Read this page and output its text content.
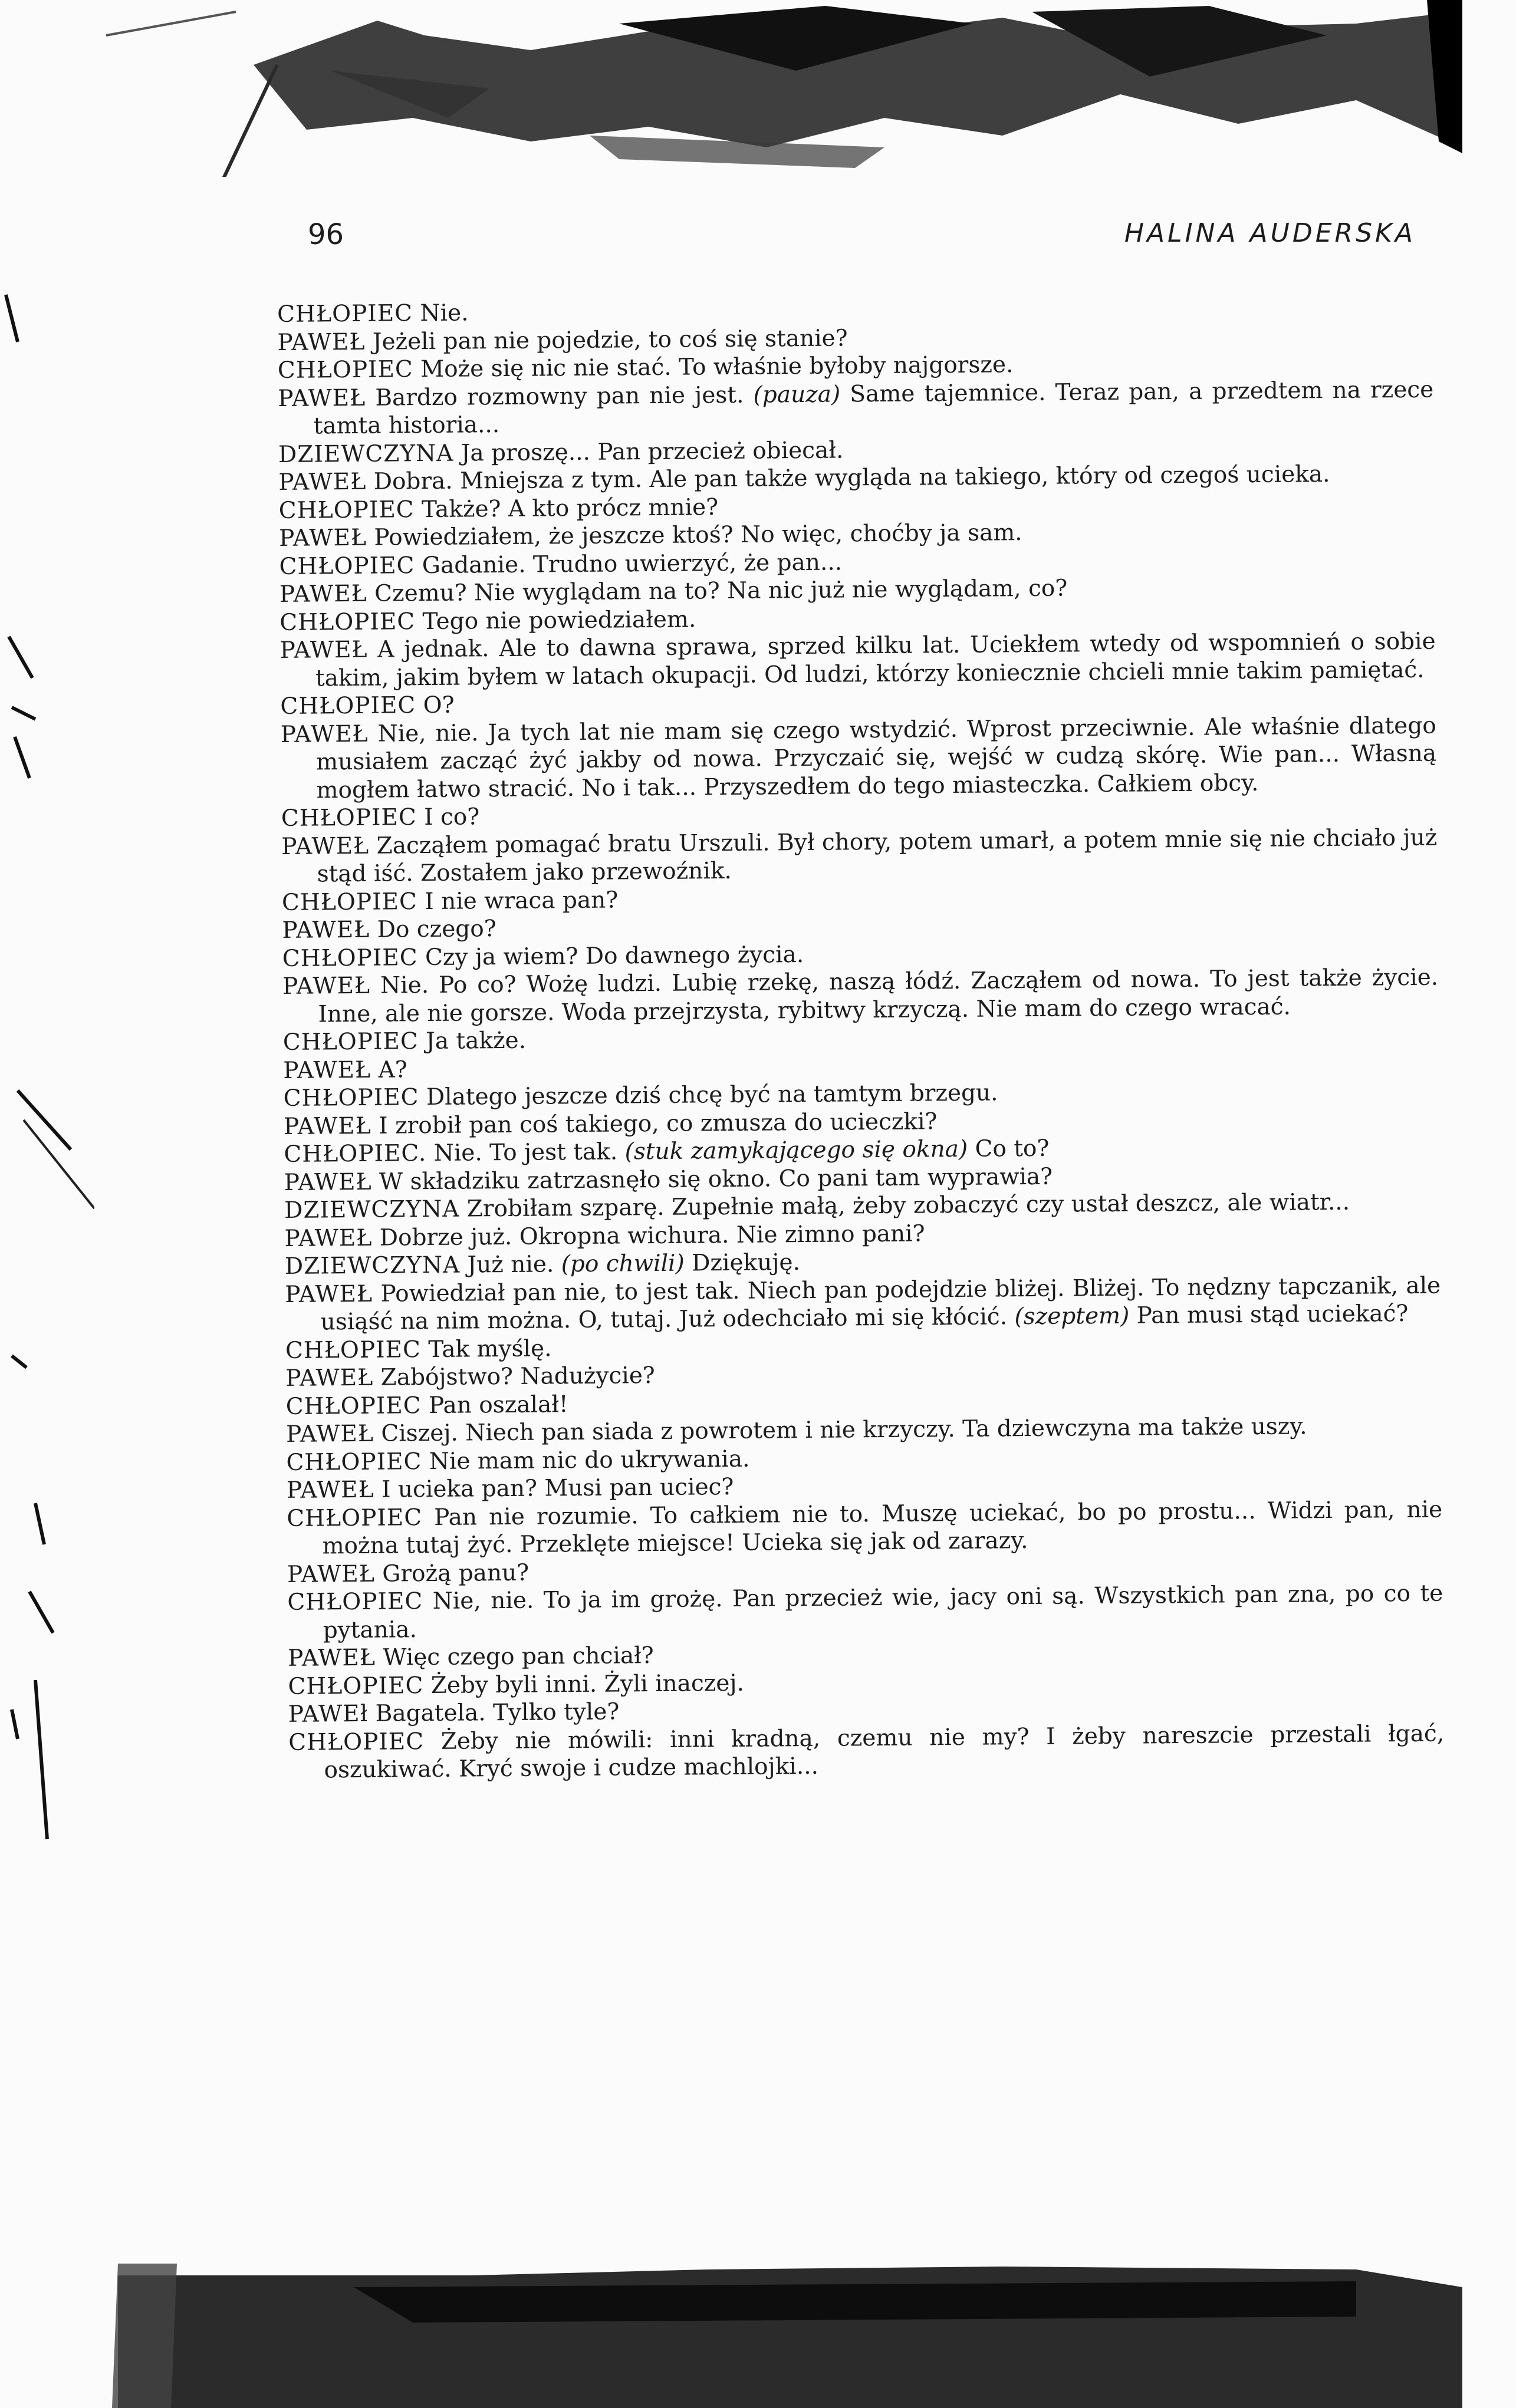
96	HALINA AUDERSKA

CHŁOPIEC Nie.

PAWEŁ Jeżeli pan nie pojedzie, to coś się stanie?

CHŁOPIEC Może się nic nie stać. To właśnie byłoby najgorsze.

PAWEŁ Bardzo rozmowny pan nie jest. (pauza) Same tajemnice. Teraz pan, a przedtem na rzece tamta historia...

DZIEWCZYNA Ja proszę... Pan przecież obiecał.

PAWEŁ Dobra. Mniejsza z tym. Ale pan także wygląda na takiego, który od czegoś ucieka.

CHŁOPIEC Także? A kto prócz mnie?

PAWEŁ Powiedziałem, że jeszcze ktoś? No więc, choćby ja sam.

CHŁOPIEC Gadanie. Trudno uwierzyć, że pan...

PAWEŁ Czemu? Nie wyglądam na to? Na nic już nie wyglądam, co?

CHŁOPIEC Tego nie powiedziałem.

PAWEŁ A jednak. Ale to dawna sprawa, sprzed kilku lat. Uciekłem wtedy od wspomnień o sobie takim, jakim byłem w latach okupacji. Od ludzi, którzy koniecznie chcieli mnie takim pamiętać.

CHŁOPIEC O?

PAWEŁ Nie, nie. Ja tych lat nie mam się czego wstydzić. Wprost przeciwnie. Ale właśnie dlatego musiałem zacząć żyć jakby od nowa. Przyczaić się, wejść w cudzą skórę. Wie pan... Własną mogłem łatwo stracić. No i tak... Przyszedłem do tego miasteczka. Całkiem obcy.

CHŁOPIEC I co?

PAWEŁ Zacząłem pomagać bratu Urszuli. Był chory, potem umarł, a potem mnie się nie chciało już stąd iść. Zostałem jako przewoźnik.

CHŁOPIEC I nie wraca pan?

PAWEŁ Do czego?

CHŁOPIEC Czy ja wiem? Do dawnego życia.

PAWEŁ Nie. Po co? Wożę ludzi. Lubię rzekę, naszą łódź. Zacząłem od nowa. To jest także życie. Inne, ale nie gorsze. Woda przejrzysta, rybitwy krzyczą. Nie mam do czego wracać.

CHŁOPIEC Ja także.

PAWEŁ A?

CHŁOPIEC Dlatego jeszcze dziś chcę być na tamtym brzegu.

PAWEŁ I zrobił pan coś takiego, co zmusza do ucieczki?

CHŁOPIEC. Nie. To jest tak. (stuk zamykającego się okna) Co to?

PAWEŁ W składziku zatrzasnęło się okno. Co pani tam wyprawia?

DZIEWCZYNA Zrobiłam szparę. Zupełnie małą, żeby zobaczyć czy ustał deszcz, ale wiatr...

PAWEŁ Dobrze już. Okropna wichura. Nie zimno pani?

DZIEWCZYNA Już nie. (po chwili) Dziękuję.

PAWEŁ Powiedział pan nie, to jest tak. Niech pan podejdzie bliżej. Bliżej. To nędzny tapczanik, ale usiąść na nim można. O, tutaj. Już odechciało mi się kłócić. (szeptem) Pan musi stąd uciekać?

CHŁOPIEC Tak myślę.

PAWEŁ Zabójstwo? Nadużycie?

CHŁOPIEC Pan oszalał!

PAWEŁ Ciszej. Niech pan siada z powrotem i nie krzyczy. Ta dziewczyna ma także uszy.

CHŁOPIEC Nie mam nic do ukrywania.

PAWEŁ I ucieka pan? Musi pan uciec?

CHŁOPIEC Pan nie rozumie. To całkiem nie to. Muszę uciekać, bo po prostu... Widzi pan, nie można tutaj żyć. Przeklęte miejsce! Ucieka się jak od zarazy.

PAWEŁ Grożą panu?

CHŁOPIEC Nie, nie. To ja im grożę. Pan przecież wie, jacy oni są. Wszystkich pan zna, po co te pytania.

PAWEŁ Więc czego pan chciał?

CHŁOPIEC Żeby byli inni. Żyli inaczej.

PAWEł Bagatela. Tylko tyle?

CHŁOPIEC Żeby nie mówili: inni kradną, czemu nie my? I żeby nareszcie przestali łgać, oszukiwać. Kryć swoje i cudze machlojki...
